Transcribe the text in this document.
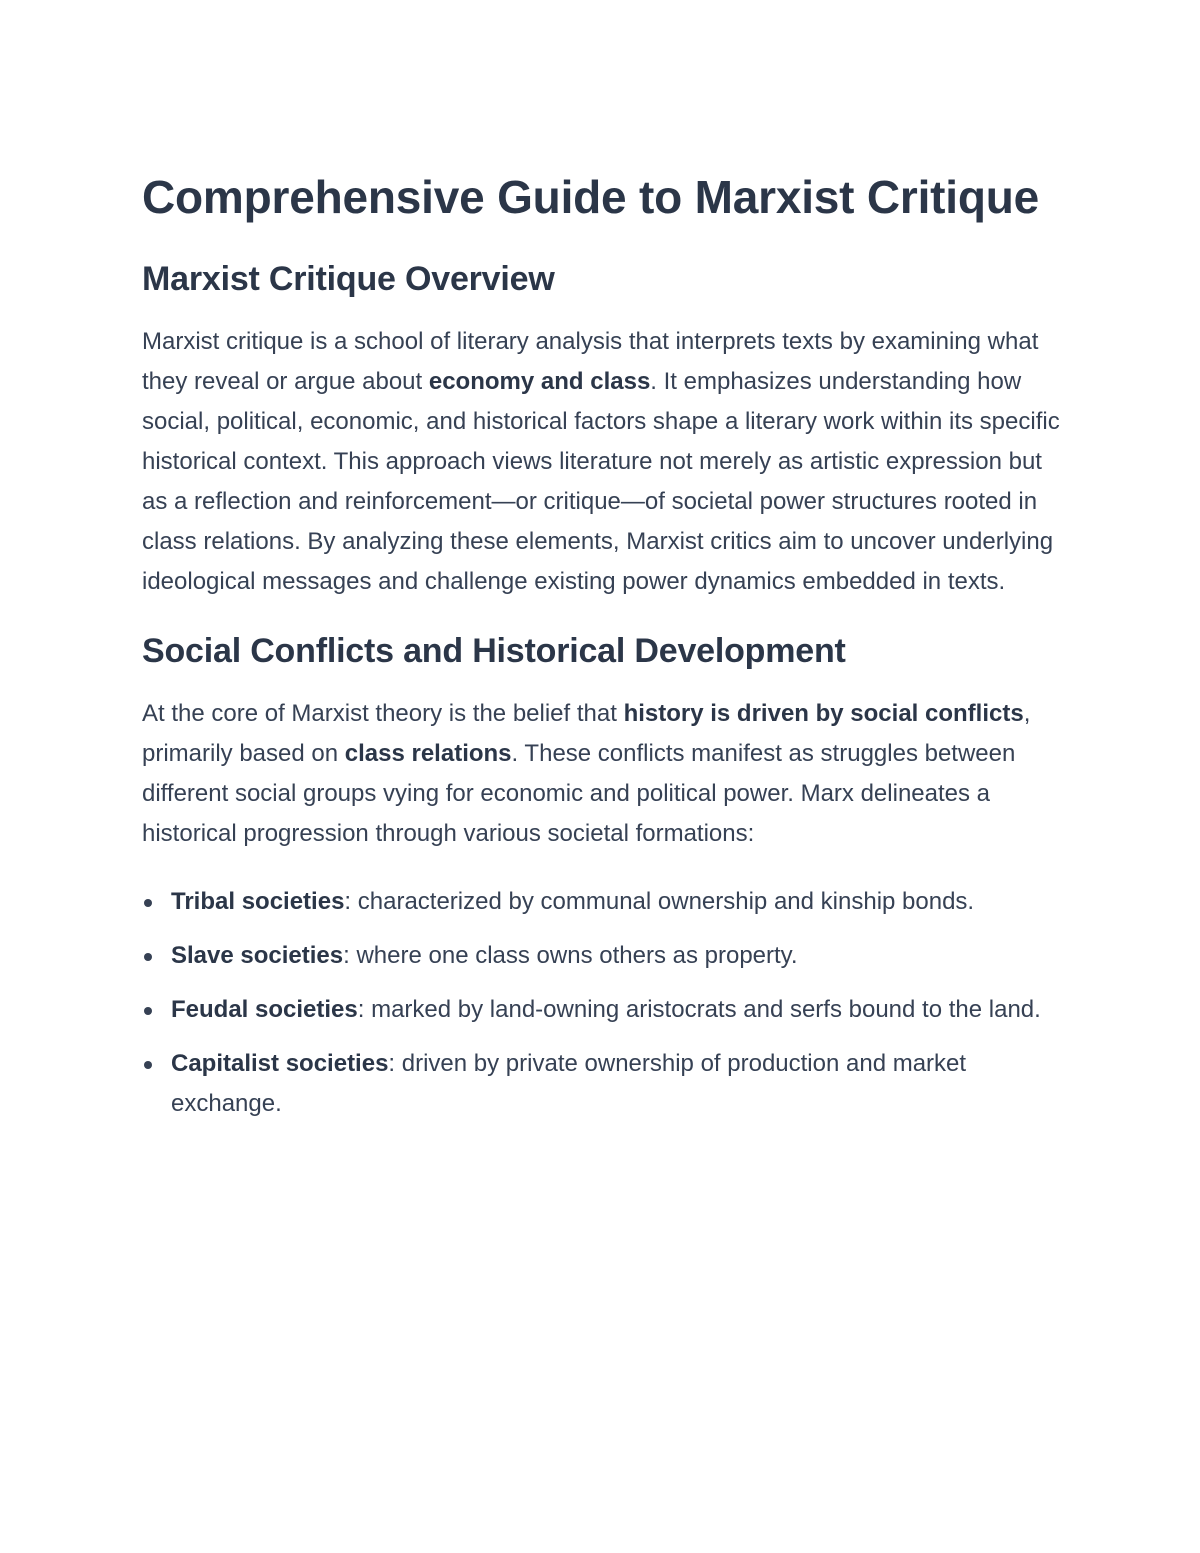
Comprehensive Guide to Marxist Critique
Marxist Critique Overview

Marxist critique is a school of literary analysis that interprets texts by examining what they reveal or argue about economy and class. It emphasizes understanding how social, political, economic, and historical factors shape a literary work within its specific historical context. This approach views literature not merely as artistic expression but as a reflection and reinforcement—or critique—of societal power structures rooted in class relations. By analyzing these elements, Marxist critics aim to uncover underlying ideological messages and challenge existing power dynamics embedded in texts.

Social Conflicts and Historical Development

At the core of Marxist theory is the belief that history is driven by social conflicts, primarily based on class relations. These conflicts manifest as struggles between different social groups vying for economic and political power. Marx delineates a historical progression through various societal formations:

Tribal societies: characterized by communal ownership and kinship bonds.
Slave societies: where one class owns others as property.
Feudal societies: marked by land-owning aristocrats and serfs bound to the land.
Capitalist societies: driven by private ownership of production and market exchange.
